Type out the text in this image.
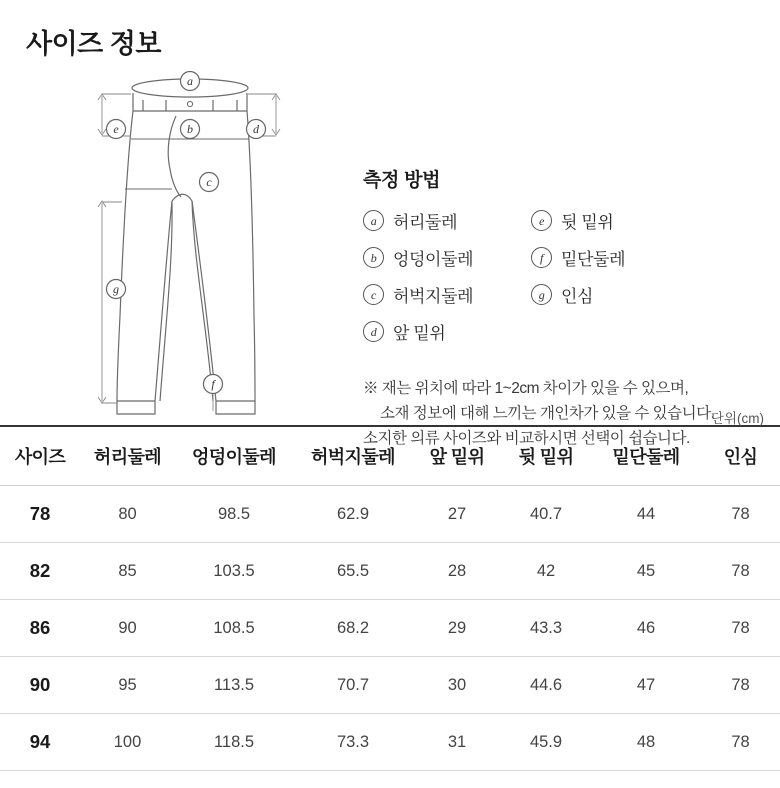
사이즈 정보
a
b
c
d
e
f
g
측정 방법
a 허리둘레
b 엉덩이둘레
c	허벅지둘레
d 앞 밑위
e	뒷 밑위
f	밑단둘레
g 인심
※ 재는 위치에 따라 1~2cm 차이가 있을 수 있으며,
소재 정보에 대해 느끼는 개인차가 있을 수 있습니다.
소지한 의류 사이즈와 비교하시면 선택이 쉽습니다.
단위(cm)
사이즈	허리둘레	엉덩이둘레	허벅지둘레	앞 밑위	뒷 밑위	밑단둘레	인심
78	80	98.5	62.9	27	40.7	44	78
82	85	103.5	65.5	28	42	45	78
86	90	108.5	68.2	29	43.3	46	78
90	95	113.5	70.7	30	44.6	47	78
94	100	118.5	73.3	31	45.9	48	78
